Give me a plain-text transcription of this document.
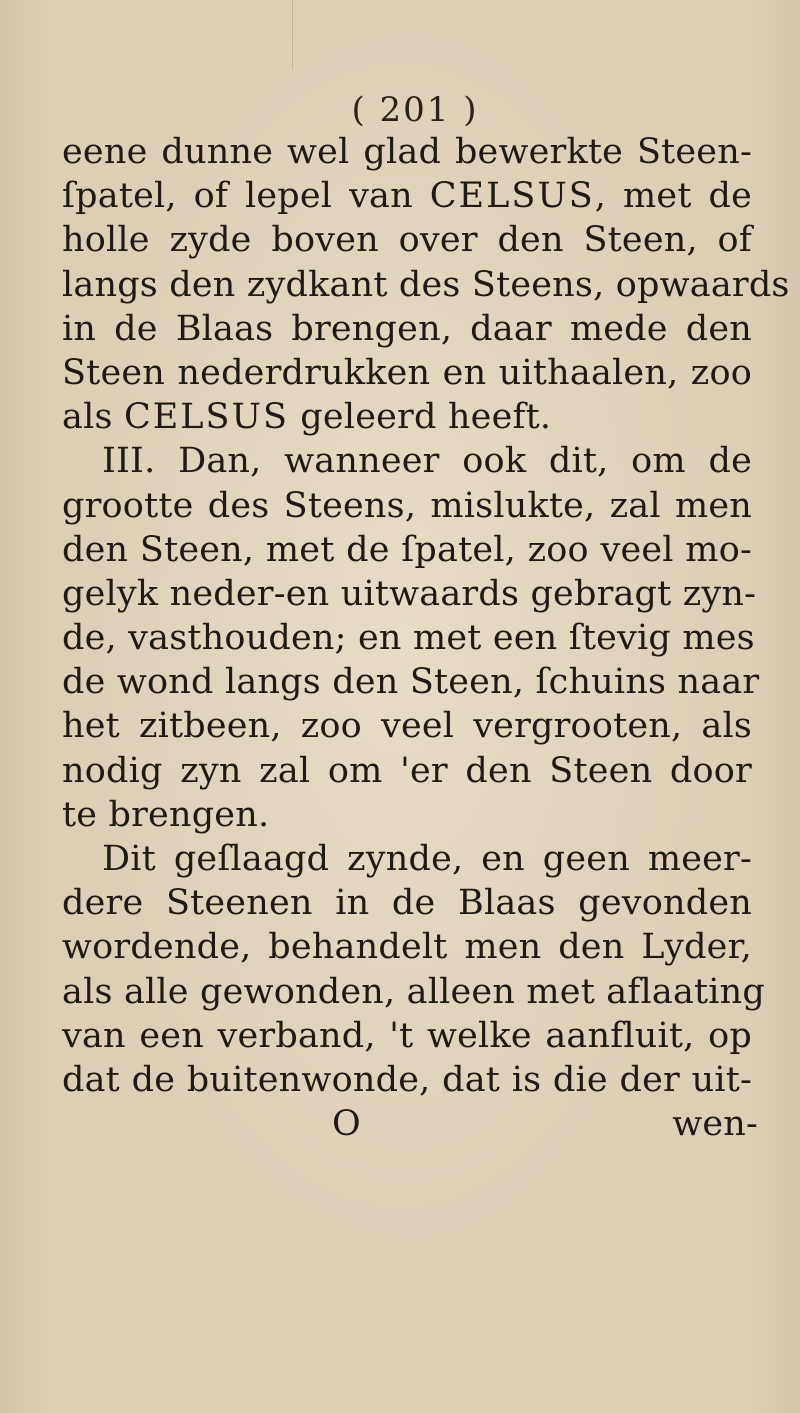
( 201 )
eene dunne wel glad bewerkte Steen-
ſpatel, of lepel van CELSUS, met de
holle zyde boven over den Steen, of
langs den zydkant des Steens, opwaards
in de Blaas brengen, daar mede den
Steen nederdrukken en uithaalen, zoo
als CELSUS geleerd heeft.
III. Dan, wanneer ook dit, om de
grootte des Steens, mislukte, zal men
den Steen, met de ſpatel, zoo veel mo-
gelyk neder-en uitwaards gebragt zyn-
de, vasthouden; en met een ſtevig mes
de wond langs den Steen, ſchuins naar
het zitbeen, zoo veel vergrooten, als
nodig zyn zal om 'er den Steen door
te brengen.
Dit geſlaagd zynde, en geen meer-
dere Steenen in de Blaas gevonden
wordende, behandelt men den Lyder,
als alle gewonden, alleen met aflaating
van een verband, 't welke aanfluit, op
dat de buitenwonde, dat is die der uit-
O	wen-
